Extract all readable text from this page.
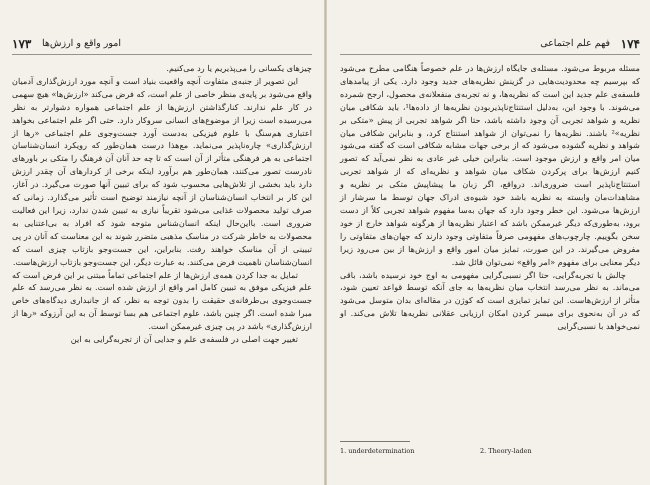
۱۷۳ امور واقع و ارزش‌ها

چیزهای یکسانی را می‌پذیریم یا رد می‌کنیم.

این تصویر از جنبه‌ی متفاوت آنچه واقعیت بنیاد است و آنچه مورد ارزش‌گذاری آدمیان واقع می‌شود بر پایه‌ی منظر خاصی از علم است، که فرض می‌کند «ارزش‌ها» هیچ سهمی در کار علم ندارند. کنارگذاشتن ارزش‌ها از علم اجتماعی همواره دشوارتر به نظر می‌رسیده است زیرا از موضوع‌های انسانی سروکار دارد. حتی اگر علم اجتماعی بخواهد اعتباری هم‌سنگ با علوم فیزیکی به‌دست آورد جست‌وجوی علم اجتماعی «رها از ارزش‌گذاری» چاره‌ناپذیر می‌نماید. مع‌هذا درست همان‌طور که رویکرد انسان‌شناسان اجتماعی به هر فرهنگی متأثر از آن است که تا چه حد آنان آن فرهنگ را متکی بر باورهای نادرست تصور می‌کنند، همان‌طور هم برآورد اینکه برخی از کردارهای آن چقدر ارزش دارد باید بخشی از تلاش‌هایی محسوب شود که برای تبیین آنها صورت می‌گیرد. در آغاز، این کار بر انتخاب انسان‌شناسان از آنچه نیازمند توضیح است تأثیر می‌گذارد. زمانی که صرف تولید محصولات غذایی می‌شود تقریباً نیازی به تبیین شدن ندارد، زیرا این فعالیت ضروری است. بااین‌حال اینکه انسان‌شناس متوجه شود که افراد به بی‌اعتنایی به محصولات به خاطر شرکت در مناسک مذهبی متضرر شوند به این معناست که آنان در پی تبیینی از آن مناسک خواهند رفت. بنابراین، این جست‌وجو بازتاب چیزی است که انسان‌شناسان ناهمیت فرض می‌کنند. به عبارت دیگر، این جست‌وجو بازتاب ارزش‌هاست.

تمایل به جدا کردن همه‌ی ارزش‌ها از علم اجتماعی تماماً مبتنی بر این فرض است که علم فیزیکی موفق به تبیین کامل امر واقع از ارزش شده است. به نظر می‌رسد که علم جست‌وجوی بی‌طرفانه‌ی حقیقت را بدون توجه به نظر، که از جانبداری دیدگاه‌های خاص مبرا شده است. اگر چنین باشد، علوم اجتماعی هم بسا توسط آن به این آرزوکه «رها از ارزش‌گذاری» باشد در پی چیزی غیرممکن است.

تغییر جهت اصلی در فلسفه‌ی علم و جدایی آن از تجربه‌گرایی به این

۱۷۴
فهم علم اجتماعی

مسئله مربوط می‌شود. مسئله‌ی جایگاه ارزش‌ها در علم خصوصاً هنگامی مطرح می‌شود که بپرسیم چه محدودیت‌هایی در گزینش نظریه‌های جدید وجود دارد. یکی از پیامدهای فلسفه‌ی علم جدید این است که نظریه‌ها، و نه تجربه‌ی منفعلانه‌ی محصول، ارجح شمرده می‌شوند. با وجود این، به‌دلیل استنتاج‌ناپذیربودن نظریه‌ها از داده‌ها¹، باید شکافی میان نظریه و شواهد تجربی آن وجود داشته باشد، حتا اگر شواهد تجربی از پیش «متکی بر نظریه»² باشند. نظریه‌ها را نمی‌توان از شواهد استنتاج کرد، و بنابراین شکافی میان شواهد و نظریه گشوده می‌شود که از برخی جهات مشابه شکافی است که گفته می‌شود میان امر واقع و ارزش موجود است. بنابراین خیلی غیر عادی به نظر نمی‌آید که تصور کنیم ارزش‌ها برای پرکردن شکاف میان شواهد و نظریه‌ای که از شواهد تجربی استنتاج‌ناپذیر است ضروری‌اند. درواقع، اگر زبان ما پیشاپیش متکی بر نظریه و مشاهدات‌مان وابسته به نظریه باشد خود شیوه‌ی ادراک جهان توسط ما سرشار از ارزش‌ها می‌شود. این خطر وجود دارد که جهان به‌سا مفهوم شواهد تجربی کلاً از دست برود، به‌طوری‌که دیگر غیرممکن باشد که اعتبار نظریه‌ها از هرگونه شواهد خارج از خود سخن بگوییم. چارچوب‌های مفهومی صرفاً متفاوتی وجود دارند که جهان‌های متفاوتی را مفروض می‌گیرند. در این صورت، تمایز میان امور واقع و ارزش‌ها از بین می‌رود زیرا دیگر معنایی برای مفهوم «امر واقع» نمی‌توان قائل شد.

چالش با تجربه‌گرایی، حتا اگر نسبی‌گرایی مفهومی به اوج خود نرسیده باشد، باقی می‌ماند. به نظر می‌رسد انتخاب میان نظریه‌ها به جای آنکه توسط قواعد تعیین شود، متأثر از ارزش‌هاست. این تمایز تمایزی است که کوژن در مقاله‌ای بدان متوسل می‌شود که در آن به‌نحوی برای میسر کردن امکان ارزیابی عقلانی نظریه‌ها تلاش می‌کند. او نمی‌خواهد با نسبی‌گرایی

1. underdetermination	2. Theory-laden
